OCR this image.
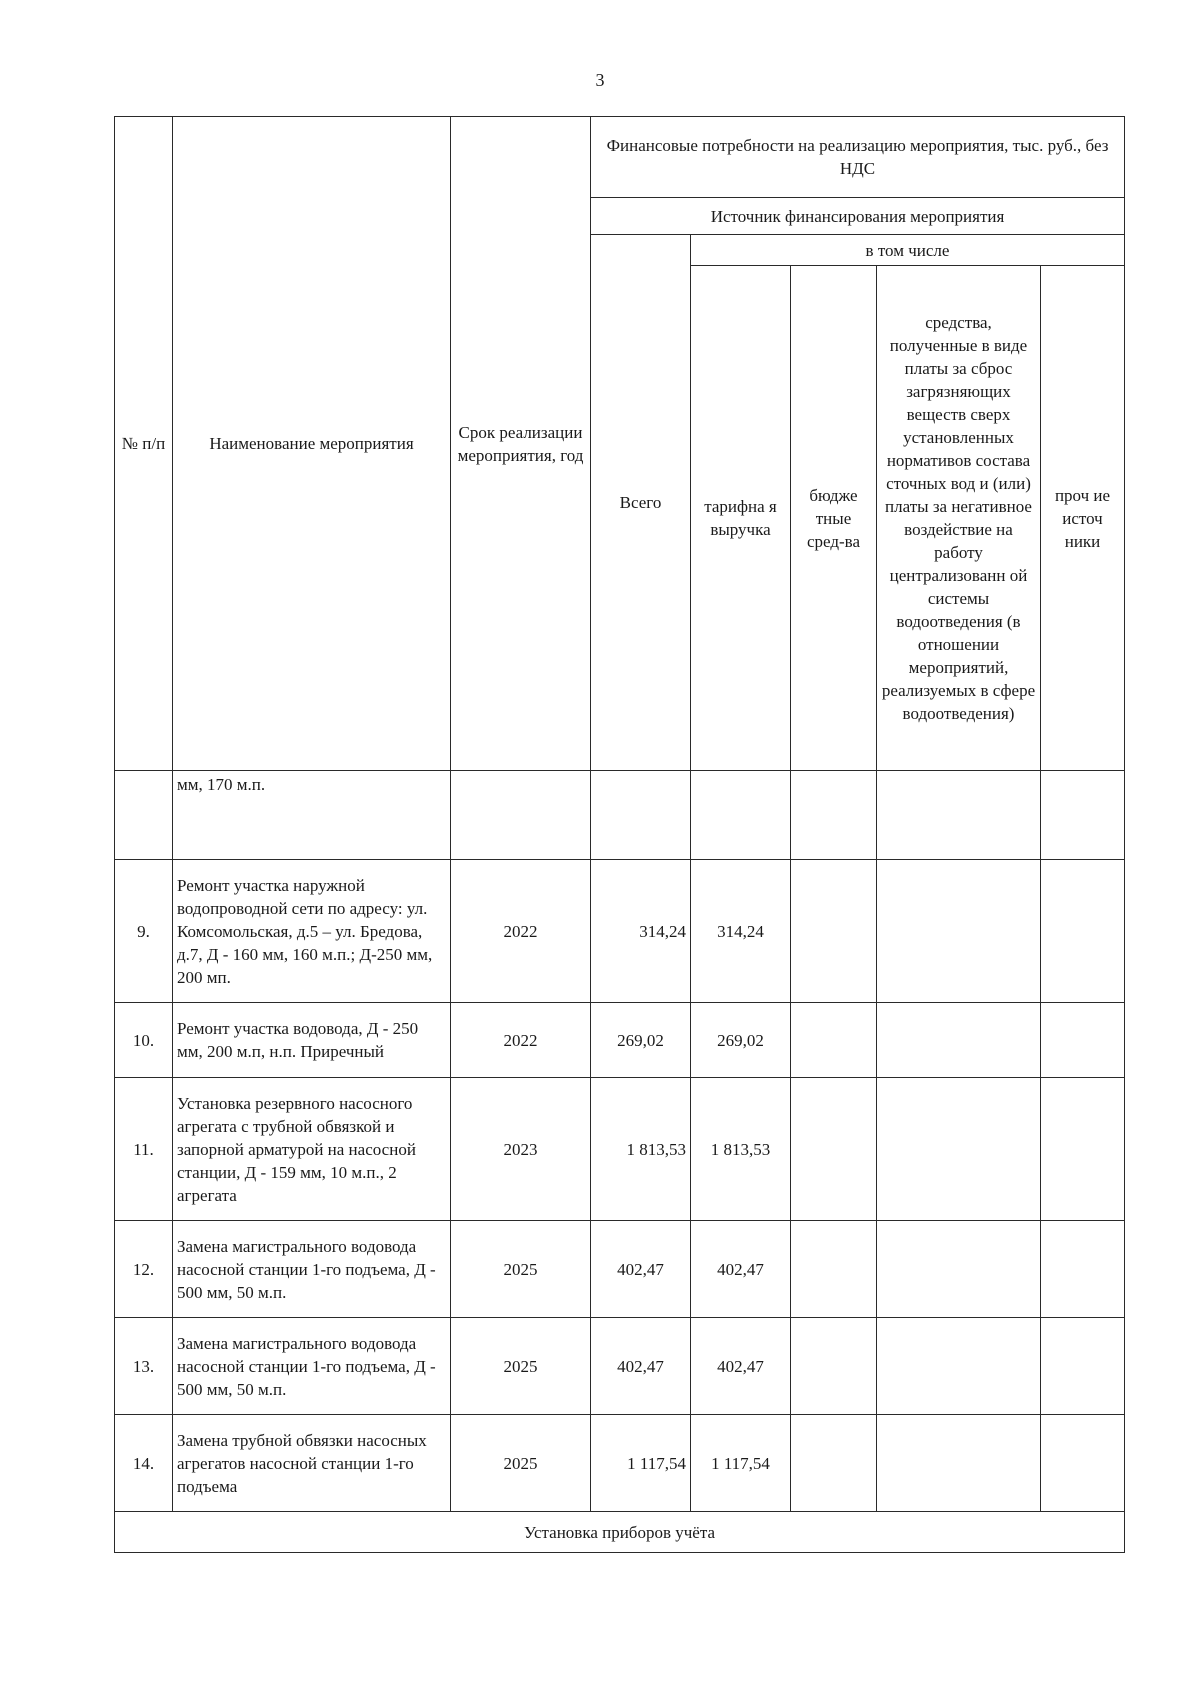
3
№ п/п	Наименование мероприятия	Срок реализации мероприятия, год	Финансовые потребности на реализацию мероприятия, тыс. руб., без НДС				
			Источник финансирования мероприятия				
			Всего	в том числе			
				тарифна я выручка	бюдже тные сред-ва	средства, полученные в виде платы за сброс загрязняющих веществ сверх установленных нормативов состава сточных вод и (или) платы за негативное воздействие на работу централизованн ой системы водоотведения (в отношении мероприятий, реализуемых в сфере водоотведения)	проч ие источ ники
	мм, 170 м.п.						
9.	Ремонт участка наружной водопроводной сети по адресу: ул. Комсомольская, д.5 – ул. Бредова, д.7, Д - 160 мм, 160 м.п.; Д-250 мм, 200 мп.	2022	314,24	314,24			
10.	Ремонт участка водовода, Д - 250 мм, 200 м.п, н.п. Приречный	2022	269,02	269,02			
11.	Установка резервного насосного агрегата с трубной обвязкой и запорной арматурой на насосной станции, Д - 159 мм, 10 м.п., 2 агрегата	2023	1 813,53	1 813,53			
12.	Замена магистрального водовода насосной станции 1-го подъема, Д - 500 мм, 50 м.п.	2025	402,47	402,47			
13.	Замена магистрального водовода насосной станции 1-го подъема, Д - 500 мм, 50 м.п.	2025	402,47	402,47			
14.	Замена трубной обвязки насосных агрегатов насосной станции 1-го подъема	2025	1 117,54	1 117,54			
Установка приборов учёта							
